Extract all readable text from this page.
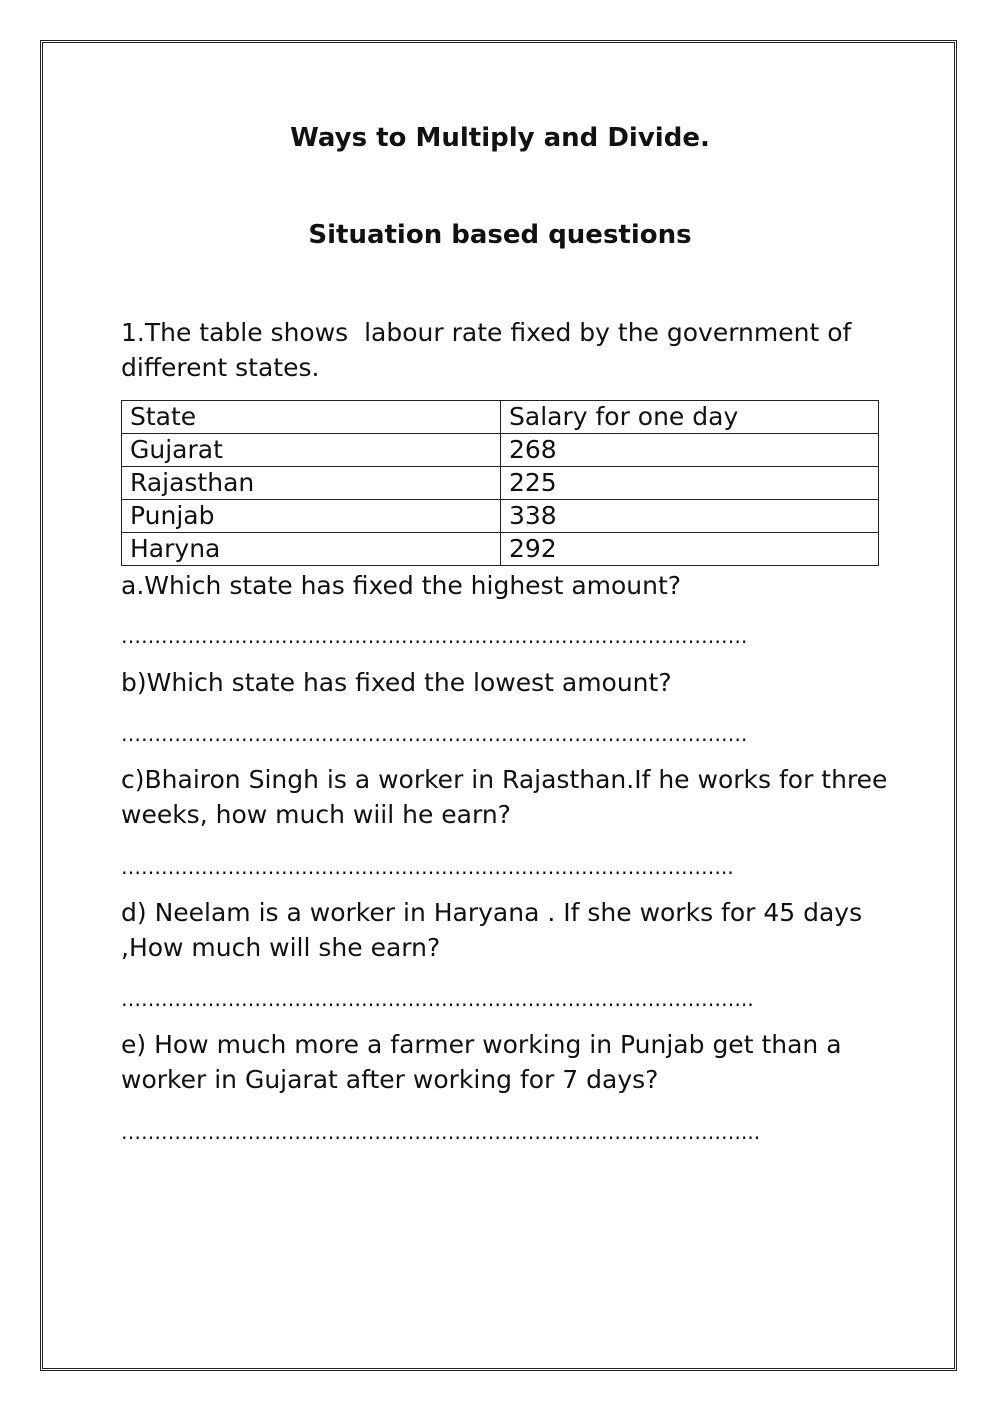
Ways to Multiply and Divide.
Situation based questions
1.The table shows  labour rate fixed by the government of  different states.
State	Salary for one day
Gujarat	268
Rajasthan	225
Punjab	338
Haryna	292
a.Which state has fixed the highest amount?
………………………………………………………………………………….
b)Which state has fixed the lowest amount?
………………………………………………………………………………….
c)Bhairon Singh is a worker in Rajasthan.If he works for three weeks, how much wiil he earn?
………………………………………………………………………………..
d) Neelam is a worker in Haryana . If she works for 45 days ,How much will she earn?
…………………………………………………………………………………..
e) How much more a farmer working in Punjab get than a worker in Gujarat after working for 7 days?
…………………………………………………………………………………...
